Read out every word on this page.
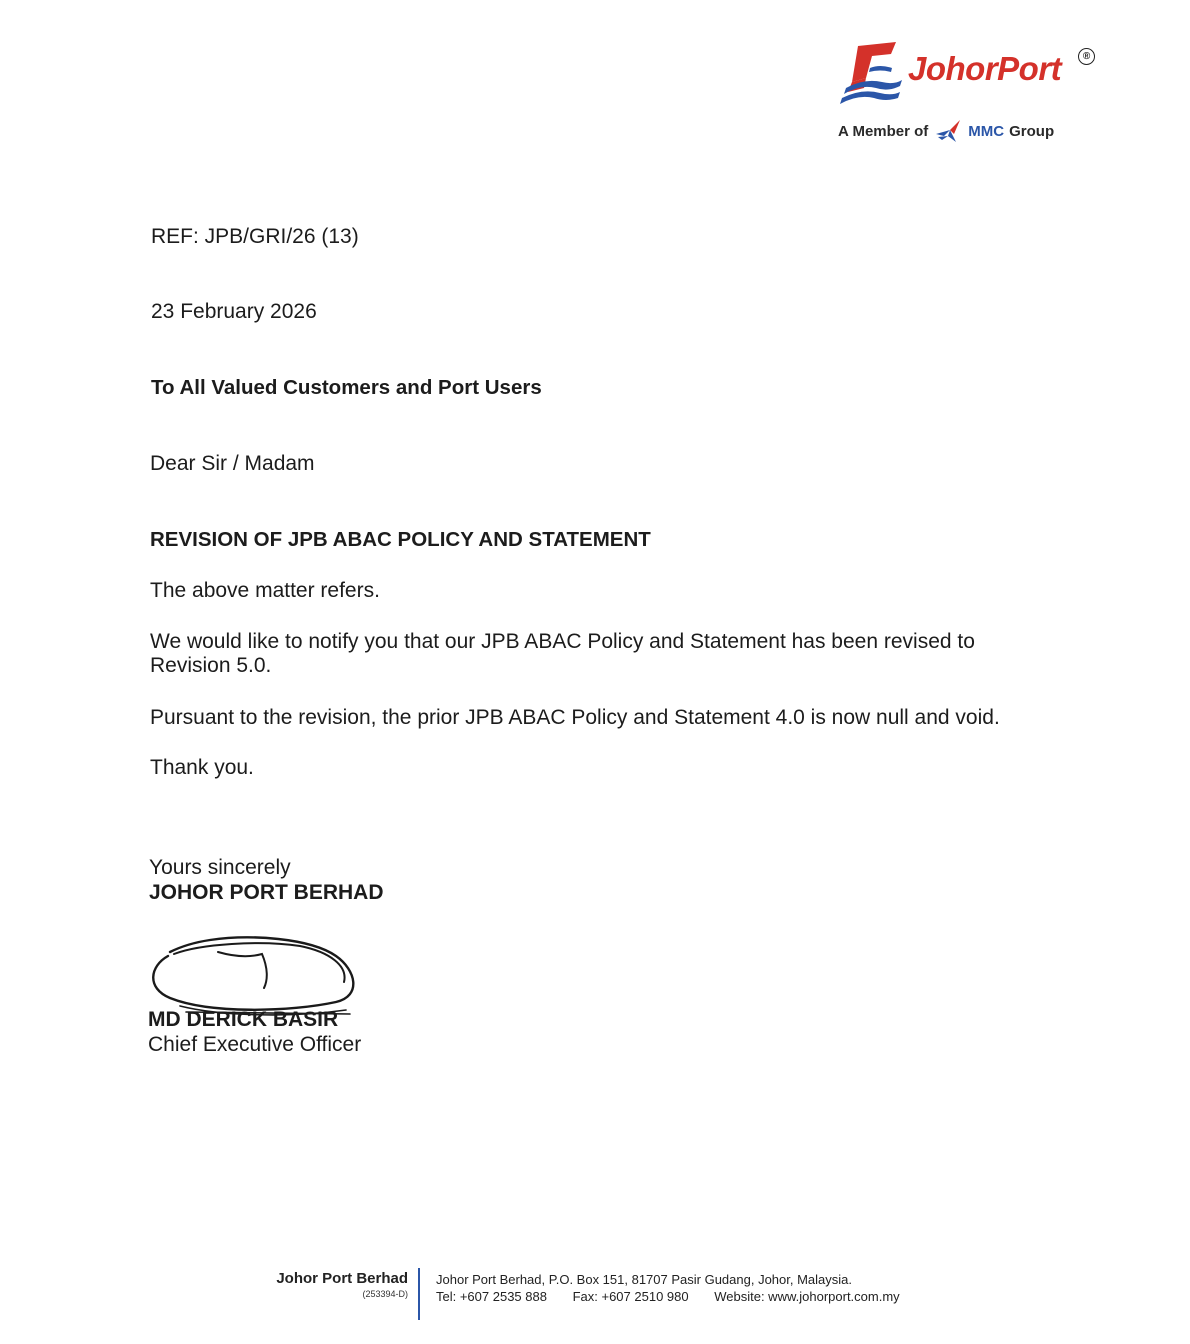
JohorPort	®
A Member of	MMC Group
REF: JPB/GRI/26 (13)
23 February 2026
To All Valued Customers and Port Users
Dear Sir / Madam
REVISION OF JPB ABAC POLICY AND STATEMENT
The above matter refers.
We would like to notify you that our JPB ABAC Policy and Statement has been revised to Revision 5.0.
Pursuant to the revision, the prior JPB ABAC Policy and Statement 4.0 is now null and void.
Thank you.
Yours sincerely
JOHOR PORT BERHAD
MD DERICK BASIR
Chief Executive Officer
Johor Port Berhad
(253394-D)
Johor Port Berhad, P.O. Box 151, 81707 Pasir Gudang, Johor, Malaysia.
Tel: +607 2535 888 Fax: +607 2510 980 Website: www.johorport.com.my
